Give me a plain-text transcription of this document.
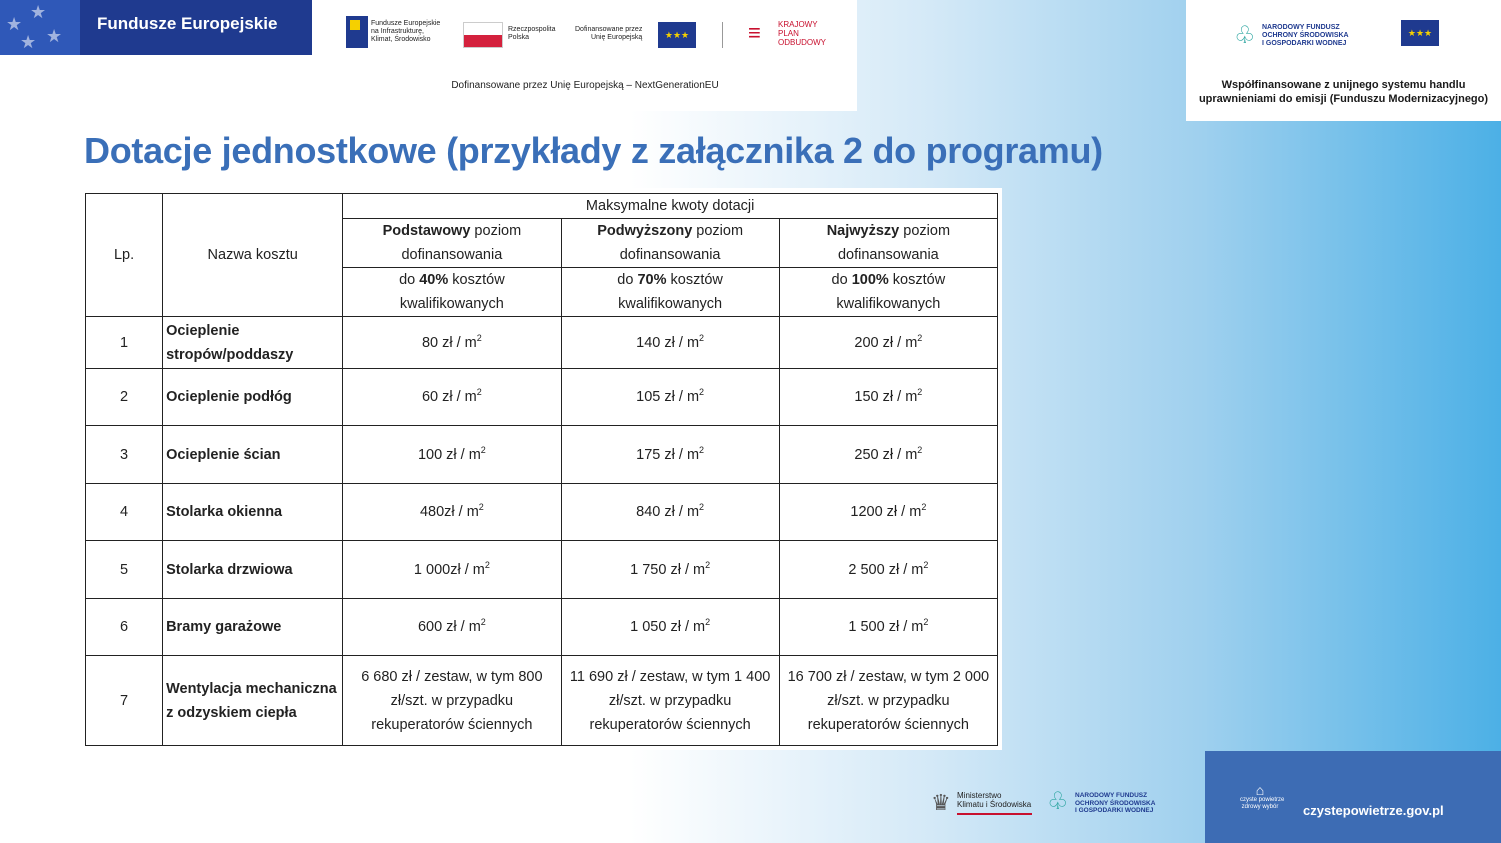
★
★
★
★
Fundusze Europejskie	Fundusze Europejskie
na Infrastrukturę,
Klimat, Środowisko
Rzeczpospolita
Polska
Dofinansowane przez
Unię Europejską	★★★	≡ KRAJOWY
PLAN
ODBUDOWY
Dofinansowane przez Unię Europejską – NextGenerationEU
♧ NARODOWY FUNDUSZ
OCHRONY ŚRODOWISKA
I GOSPODARKI WODNEJ
★★★
Współfinansowane z unijnego systemu handlu
uprawnieniami do emisji (Funduszu Modernizacyjnego)
Dotacje jednostkowe (przykłady z załącznika 2 do programu)
Lp.	Nazwa kosztu	Maksymalne kwoty dotacji		
		Podstawowy poziom dofinansowania	Podwyższony poziom dofinansowania	Najwyższy poziom dofinansowania
		do 40% kosztów kwalifikowanych	do 70% kosztów kwalifikowanych	do 100% kosztów kwalifikowanych
1	Ocieplenie stropów/poddaszy	80 zł / $m^2$	140 zł / $m^2$	200 zł / $m^2$
2	Ocieplenie podłóg	60 zł / $m^2$	105 zł / $m^2$	150 zł / $m^2$
3	Ocieplenie ścian	100 zł / $m^2$	175 zł / $m^2$	250 zł / $m^2$
4	Stolarka okienna	480zł / $m^2$	840 zł / $m^2$	1200 zł / $m^2$
5	Stolarka drzwiowa	1 000zł / $m^2$	1 750 zł / $m^2$	2 500 zł / $m^2$
6	Bramy garażowe	600 zł / $m^2$	1 050 zł / $m^2$	1 500 zł / $m^2$
7	Wentylacja mechaniczna z odzyskiem ciepła	6 680 zł / zestaw, w tym 800 zł/szt. w przypadku rekuperatorów ściennych	11 690 zł / zestaw, w tym 1 400 zł/szt. w przypadku rekuperatorów ściennych	16 700 zł / zestaw, w tym 2 000 zł/szt. w przypadku rekuperatorów ściennych
♛ Ministerstwo
Klimatu i Środowiska ♧ NARODOWY FUNDUSZ
OCHRONY ŚRODOWISKA
I GOSPODARKI WODNEJ
⌂
czyste powietrze
zdrowy wybór czystepowietrze.gov.pl
